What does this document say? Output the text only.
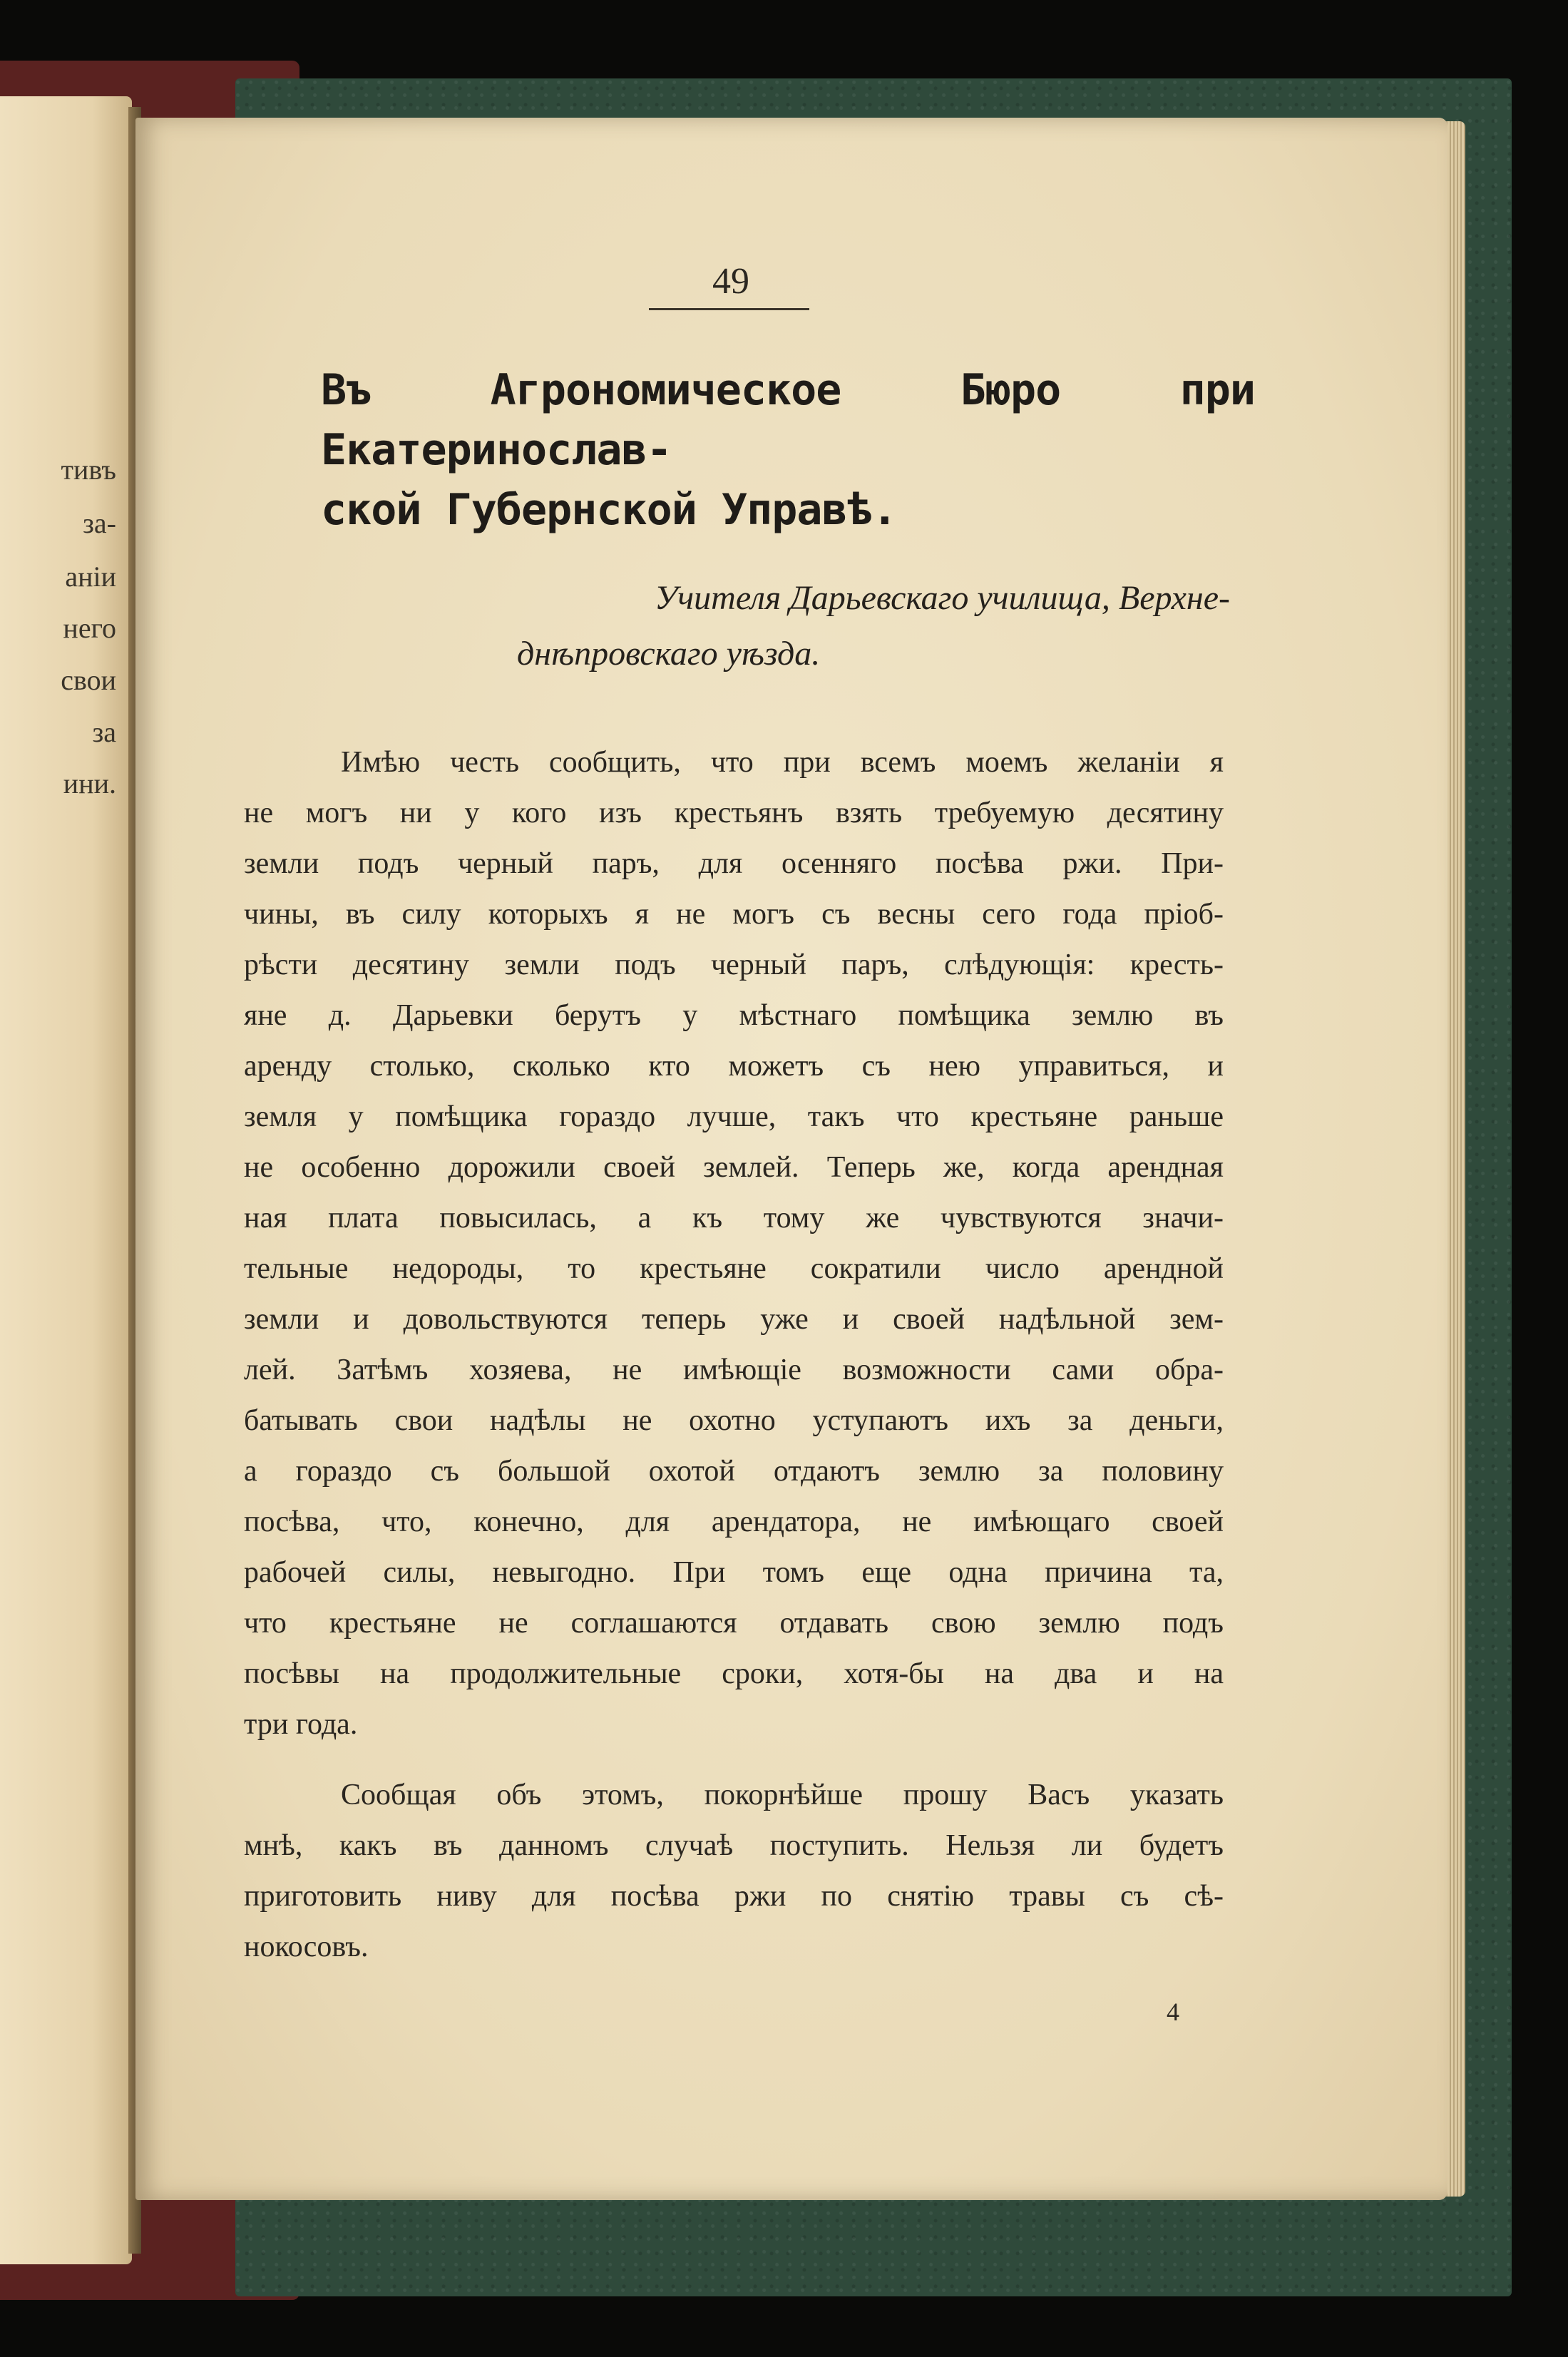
тивъ
за-
анiи
него
свои
за
ини.
49
Въ Агрономическое Бюро при Екатеринослав-
ской Губернской Управѣ.
Учителя Дарьевскаго училища, Верхне-
днѣпровскаго уѣзда.
Имѣю честь сообщить, что при всемъ моемъ желанiи я
не могъ ни у кого изъ крестьянъ взять требуемую десятину
земли подъ черный паръ, для осенняго посѣва ржи. При-
чины, въ силу которыхъ я не могъ съ весны сего года прiоб-
рѣсти десятину земли подъ черный паръ, слѣдующiя: кресть-
яне д. Дарьевки берутъ у мѣстнаго помѣщика землю въ
аренду столько, сколько кто можетъ съ нею управиться, и
земля у помѣщика гораздо лучше, такъ что крестьяне раньше
не особенно дорожили своей землей. Теперь же, когда арендная
ная плата повысилась, а къ тому же чувствуются значи-
тельные недороды, то крестьяне сократили число арендной
земли и довольствуются теперь уже и своей надѣльной зем-
лей. Затѣмъ хозяева, не имѣющiе возможности сами обра-
батывать свои надѣлы не охотно уступаютъ ихъ за деньги,
а гораздо съ большой охотой отдаютъ землю за половину
посѣва, что, конечно, для арендатора, не имѣющаго своей
рабочей силы, невыгодно. При томъ еще одна причина та,
что крестьяне не соглашаются отдавать свою землю подъ
посѣвы на продолжительные сроки, хотя-бы на два и на
три года.
Сообщая объ этомъ, покорнѣйше прошу Васъ указать
мнѣ, какъ въ данномъ случаѣ поступить. Нельзя ли будетъ
приготовить ниву для посѣва ржи по снятiю травы съ сѣ-
нокосовъ.
4
